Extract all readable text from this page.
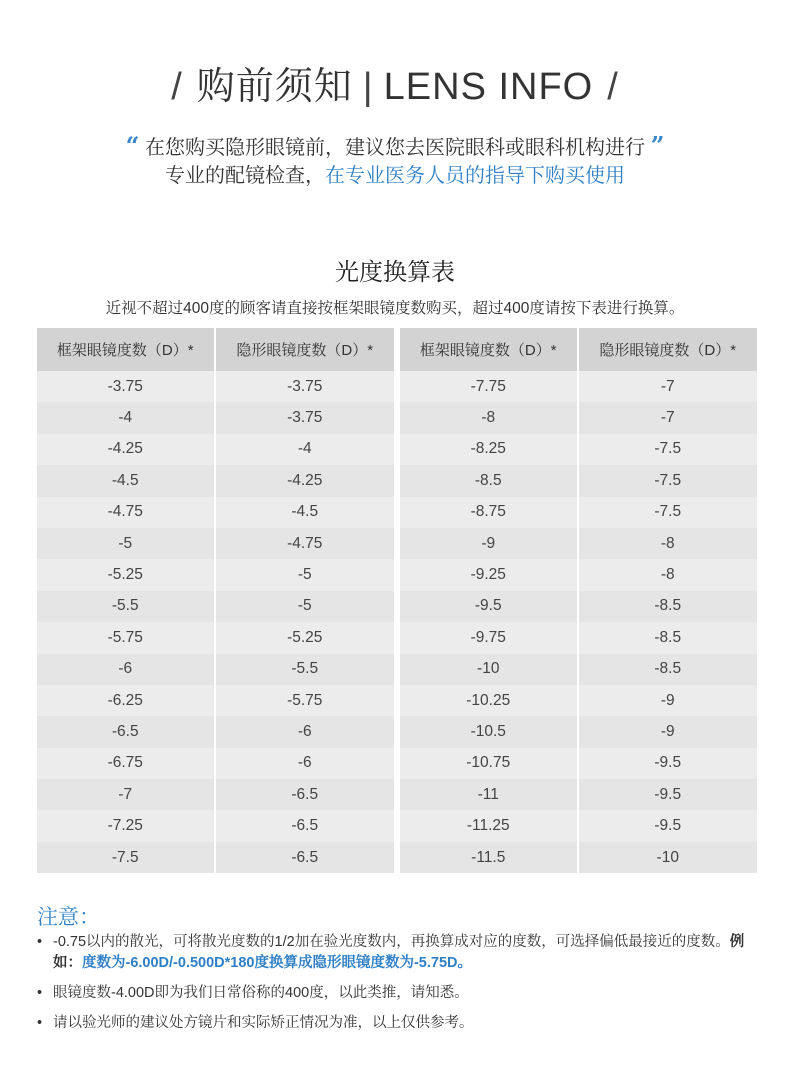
/ 购前须知 | LENS INFO /
“ 在您购买隐形眼镜前，建议您去医院眼科或眼科机构进行 ”
专业的配镜检查，在专业医务人员的指导下购买使用
光度换算表
近视不超过400度的顾客请直接按框架眼镜度数购买，超过400度请按下表进行换算。
框架眼镜度数（D）*	隐形眼镜度数（D）*
-3.75	-3.75
-4	-3.75
-4.25	-4
-4.5	-4.25
-4.75	-4.5
-5	-4.75
-5.25	-5
-5.5	-5
-5.75	-5.25
-6	-5.5
-6.25	-5.75
-6.5	-6
-6.75	-6
-7	-6.5
-7.25	-6.5
-7.5	-6.5
框架眼镜度数（D）*	隐形眼镜度数（D）*
-7.75	-7
-8	-7
-8.25	-7.5
-8.5	-7.5
-8.75	-7.5
-9	-8
-9.25	-8
-9.5	-8.5
-9.75	-8.5
-10	-8.5
-10.25	-9
-10.5	-9
-10.75	-9.5
-11	-9.5
-11.25	-9.5
-11.5	-10
注意：
• -0.75以内的散光，可将散光度数的1/2加在验光度数内，再换算成对应的度数，可选择偏低最接近的度数。例如：度数为-6.00D/-0.500D*180度换算成隐形眼镜度数为-5.75D。
• 眼镜度数-4.00D即为我们日常俗称的400度，以此类推，请知悉。
• 请以验光师的建议处方镜片和实际矫正情况为准，以上仅供参考。
